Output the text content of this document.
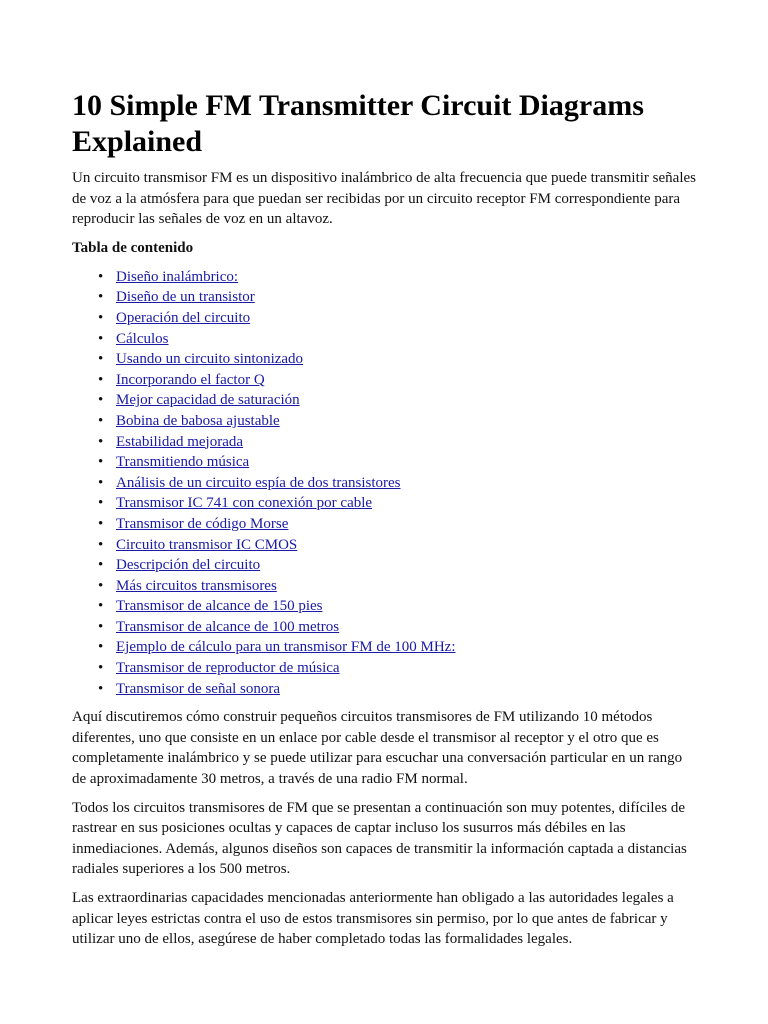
10 Simple FM Transmitter Circuit Diagrams Explained

Un circuito transmisor FM es un dispositivo inalámbrico de alta frecuencia que puede transmitir señales de voz a la atmósfera para que puedan ser recibidas por un circuito receptor FM correspondiente para reproducir las señales de voz en un altavoz.

Tabla de contenido
• Diseño inalámbrico:
• Diseño de un transistor
• Operación del circuito
• Cálculos
• Usando un circuito sintonizado
• Incorporando el factor Q
• Mejor capacidad de saturación
• Bobina de babosa ajustable
• Estabilidad mejorada
• Transmitiendo música
• Análisis de un circuito espía de dos transistores
• Transmisor IC 741 con conexión por cable
• Transmisor de código Morse
• Circuito transmisor IC CMOS
• Descripción del circuito
• Más circuitos transmisores
• Transmisor de alcance de 150 pies
• Transmisor de alcance de 100 metros
• Ejemplo de cálculo para un transmisor FM de 100 MHz:
• Transmisor de reproductor de música
• Transmisor de señal sonora

Aquí discutiremos cómo construir pequeños circuitos transmisores de FM utilizando 10 métodos diferentes, uno que consiste en un enlace por cable desde el transmisor al receptor y el otro que es completamente inalámbrico y se puede utilizar para escuchar una conversación particular en un rango de aproximadamente 30 metros, a través de una radio FM normal.

Todos los circuitos transmisores de FM que se presentan a continuación son muy potentes, difíciles de rastrear en sus posiciones ocultas y capaces de captar incluso los susurros más débiles en las inmediaciones. Además, algunos diseños son capaces de transmitir la información captada a distancias radiales superiores a los 500 metros.

Las extraordinarias capacidades mencionadas anteriormente han obligado a las autoridades legales a aplicar leyes estrictas contra el uso de estos transmisores sin permiso, por lo que antes de fabricar y utilizar uno de ellos, asegúrese de haber completado todas las formalidades legales.
